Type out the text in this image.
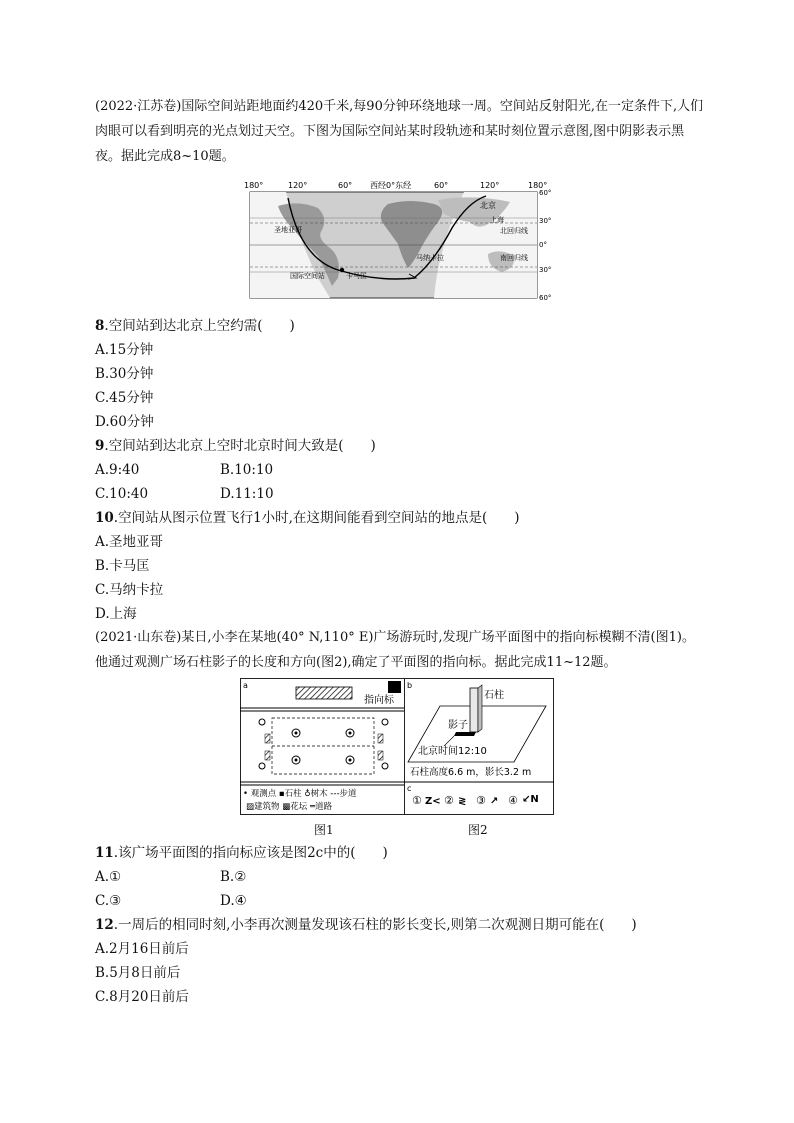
(2022·江苏卷)国际空间站距地面约420千米,每90分钟环绕地球一周。空间站反射阳光,在一定条件下,人们肉眼可以看到明亮的光点划过天空。下图为国际空间站某时段轨迹和某时刻位置示意图,图中阴影表示黑夜。据此完成8~10题。
180°	120°	60° 西经0°东经	60°	120°	180°
60°
30°
0°
30°
60°
北京
上海
圣地亚哥	北回归线
南回归线
马纳卡拉
国际空间站	卡马匡
8.空间站到达北京上空约需(　　)
A.15分钟
B.30分钟
C.45分钟
D.60分钟
9.空间站到达北京上空时北京时间大致是(　　)
A.9:40	B.10:10
C.10:40	D.11:10
10.空间站从图示位置飞行1小时,在这期间能看到空间站的地点是(　　)
A.圣地亚哥
B.卡马匡
C.马纳卡拉
D.上海
(2021·山东卷)某日,小李在某地(40° N,110° E)广场游玩时,发现广场平面图中的指向标模糊不清(图1)。他通过观测广场石柱影子的长度和方向(图2),确定了平面图的指向标。据此完成11~12题。
a
指向标
• 观测点 ▪石柱 ♁树木 ---步道
▨建筑物 ▩花坛 ═道路
图1
b
石柱
影子
北京时间12:10
石柱高度6.6 m，影长3.2 m
c
① Z< ② ≷ ③ ↗ ④ ↙N
图2
11.该广场平面图的指向标应该是图2c中的(　　)
A.①	B.②
C.③	D.④
12.一周后的相同时刻,小李再次测量发现该石柱的影长变长,则第二次观测日期可能在(　　)
A.2月16日前后
B.5月8日前后
C.8月20日前后
